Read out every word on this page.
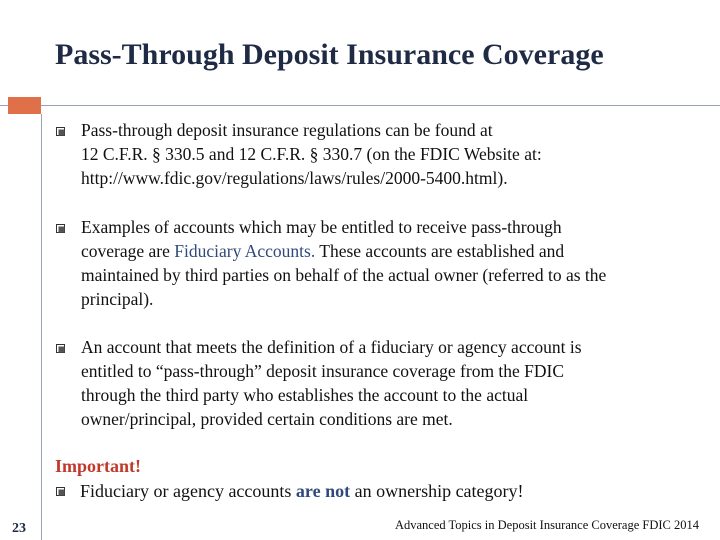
Pass-Through Deposit Insurance Coverage
Pass-through deposit insurance regulations can be found at
12 C.F.R. § 330.5 and 12 C.F.R. § 330.7 (on the FDIC Website at:
http://www.fdic.gov/regulations/laws/rules/2000-5400.html).
Examples of accounts which may be entitled to receive pass-through
coverage are Fiduciary Accounts. These accounts are established and
maintained by third parties on behalf of the actual owner (referred to as the
principal).
An account that meets the definition of a fiduciary or agency account is
entitled to “pass-through” deposit insurance coverage from the FDIC
through the third party who establishes the account to the actual
owner/principal, provided certain conditions are met.
Important!
Fiduciary or agency accounts are not an ownership category!
23	Advanced Topics in Deposit Insurance Coverage FDIC 2014
